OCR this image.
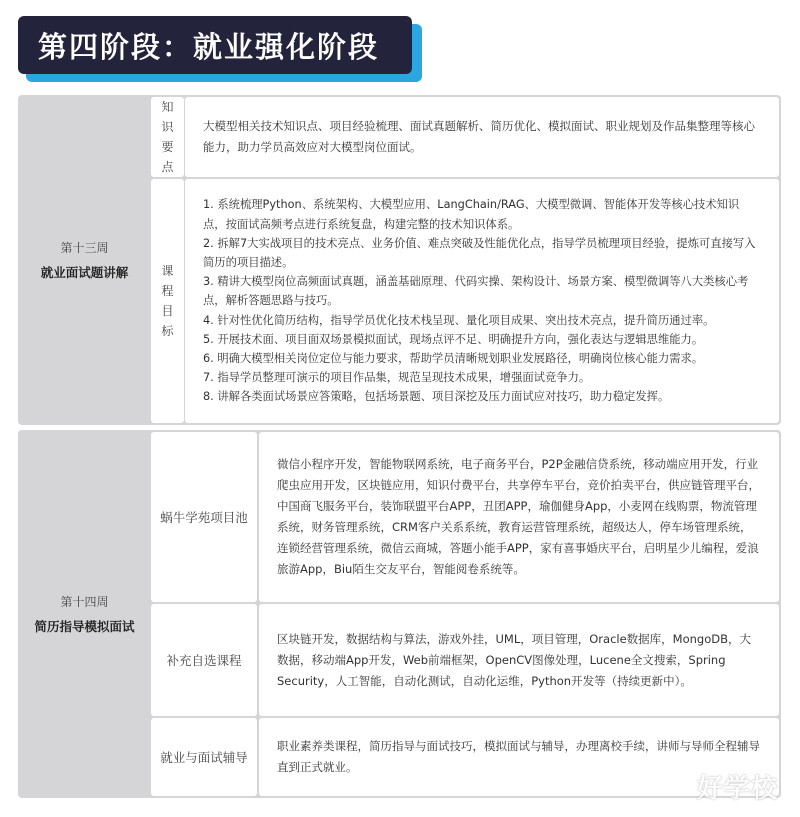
第四阶段：就业强化阶段
第十三周
就业面试题讲解
知
识
要
点

大模型相关技术知识点、项目经验梳理、面试真题解析、简历优化、模拟面试、职业规划及作品集整理等核心能力，助力学员高效应对大模型岗位面试。

课
程
目
标

1. 系统梳理Python、系统架构、大模型应用、LangChain/RAG、大模型微调、智能体开发等核心技术知识点，按面试高频考点进行系统复盘，构建完整的技术知识体系。

2. 拆解7大实战项目的技术亮点、业务价值、难点突破及性能优化点，指导学员梳理项目经验，提炼可直接写入简历的项目描述。

3. 精讲大模型岗位高频面试真题，涵盖基础原理、代码实操、架构设计、场景方案、模型微调等八大类核心考点，解析答题思路与技巧。

4. 针对性优化简历结构，指导学员优化技术栈呈现、量化项目成果、突出技术亮点，提升简历通过率。

5. 开展技术面、项目面双场景模拟面试，现场点评不足、明确提升方向，强化表达与逻辑思维能力。

6. 明确大模型相关岗位定位与能力要求，帮助学员清晰规划职业发展路径，明确岗位核心能力需求。

7. 指导学员整理可演示的项目作品集，规范呈现技术成果，增强面试竞争力。

8. 讲解各类面试场景应答策略，包括场景题、项目深挖及压力面试应对技巧，助力稳定发挥。

第十四周
简历指导模拟面试
蜗牛学苑项目池

微信小程序开发，智能物联网系统，电子商务平台，P2P金融信贷系统，移动端应用开发，行业爬虫应用开发，区块链应用，知识付费平台，共享停车平台，竞价拍卖平台，供应链管理平台，中国商飞服务平台，装饰联盟平台APP，丑团APP，瑜伽健身App，小麦网在线购票，物流管理系统，财务管理系统，CRM客户关系系统，教育运营管理系统，超级达人，停车场管理系统，连锁经营管理系统，微信云商城，答题小能手APP，家有喜事婚庆平台，启明星少儿编程，爱浪旅游App，Biu陌生交友平台，智能阅卷系统等。

补充自选课程

区块链开发，数据结构与算法，游戏外挂，UML，项目管理，Oracle数据库，MongoDB，大数据，移动端App开发，Web前端框架，OpenCV图像处理，Lucene全文搜索，Spring Security，人工智能，自动化测试，自动化运维，Python开发等（持续更新中）。

就业与面试辅导

职业素养类课程，简历指导与面试技巧，模拟面试与辅导，办理离校手续，讲师与导师全程辅导直到正式就业。

好学校
